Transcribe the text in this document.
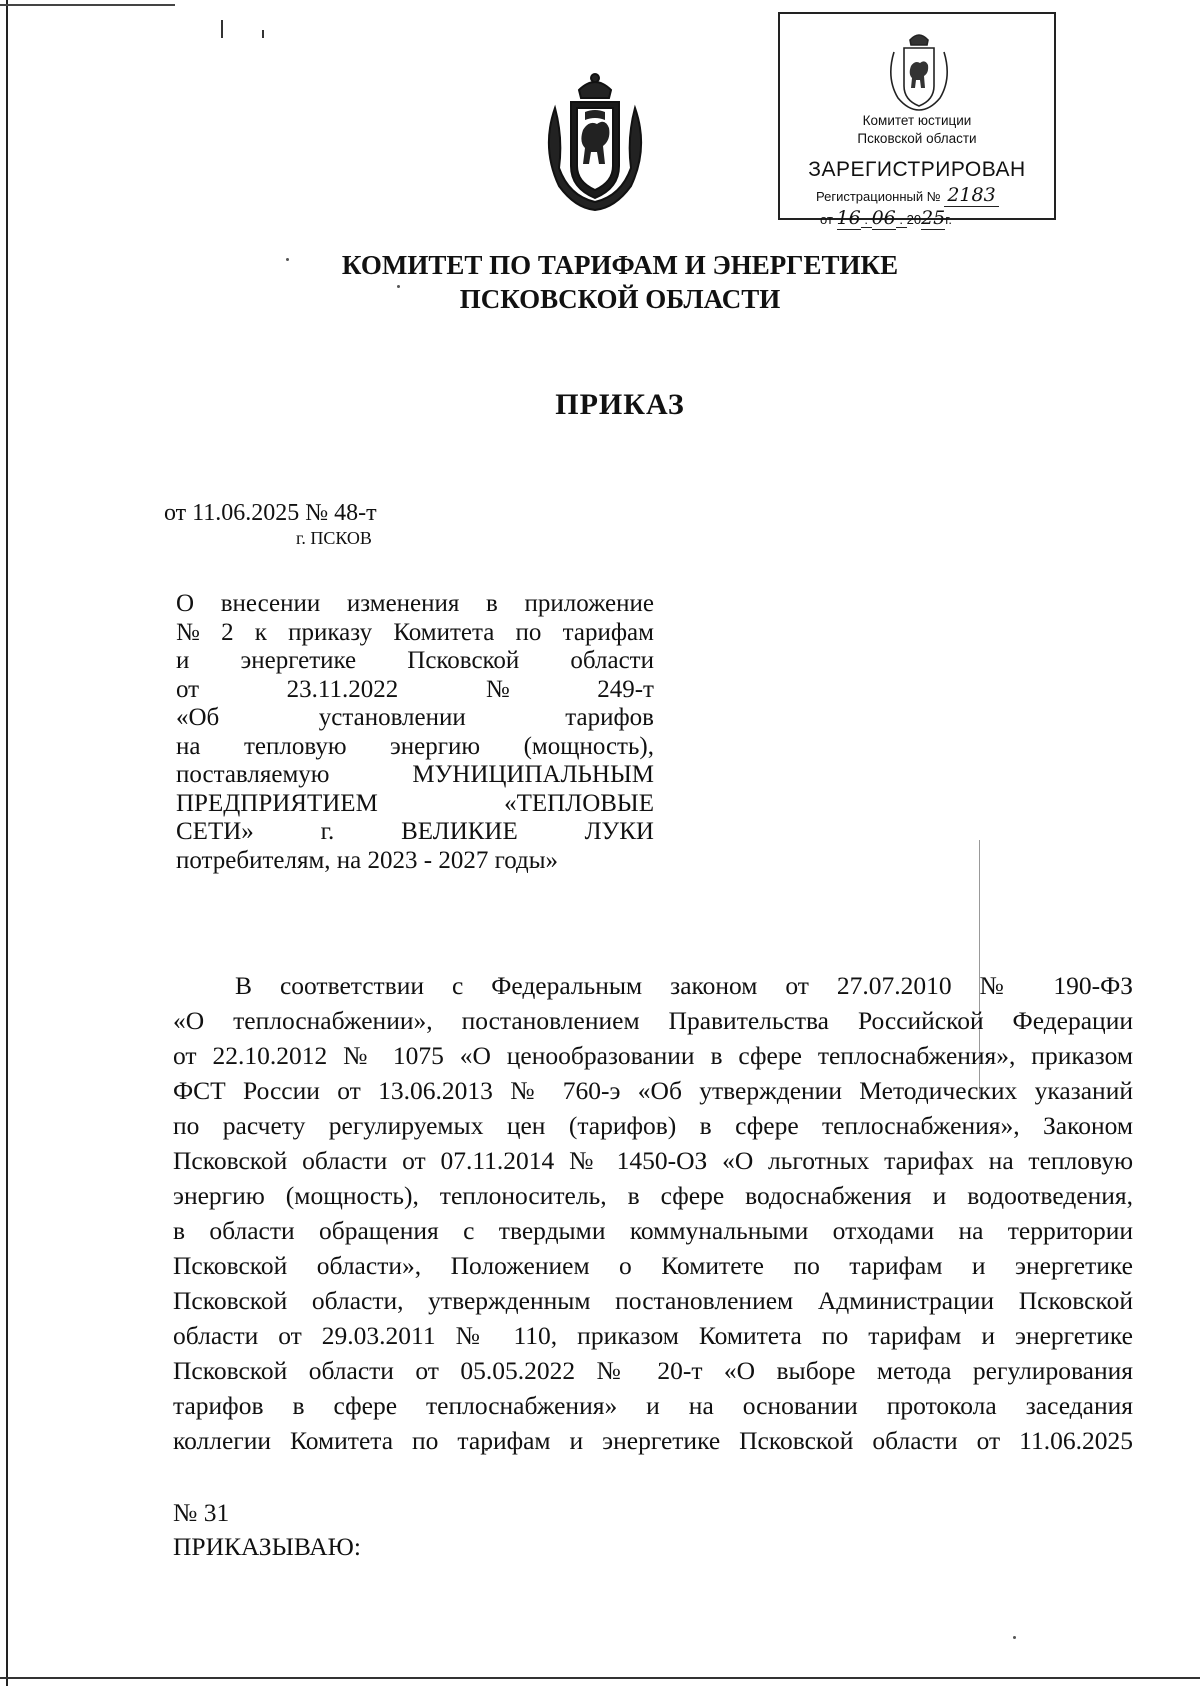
Комитет юстиции
Псковской области
ЗАРЕГИСТРИРОВАН
Регистрационный № 2183
от 16 . 06 . 2025г.
КОМИТЕТ ПО ТАРИФАМ И ЭНЕРГЕТИКЕ
ПСКОВСКОЙ ОБЛАСТИ
ПРИКАЗ
от 11.06.2025 № 48-т
г. ПСКОВ
О внесении изменения в приложение
№ 2 к приказу Комитета по тарифам
и энергетике Псковской области
от	23.11.2022	№	249-т
«Об	установлении	тарифов
на тепловую энергию (мощность),
поставляемую	МУНИЦИПАЛЬНЫМ
ПРЕДПРИЯТИЕМ	«ТЕПЛОВЫЕ
СЕТИ»	г.	ВЕЛИКИЕ	ЛУКИ
потребителям, на 2023 - 2027 годы»
В соответствии с Федеральным законом от 27.07.2010 № 190-ФЗ
«О теплоснабжении», постановлением Правительства Российской Федерации
от 22.10.2012 № 1075 «О ценообразовании в сфере теплоснабжения», приказом
ФСТ России от 13.06.2013 № 760-э «Об утверждении Методических указаний
по расчету регулируемых цен (тарифов) в сфере теплоснабжения», Законом
Псковской области от 07.11.2014 № 1450-ОЗ «О льготных тарифах на тепловую
энергию (мощность), теплоноситель, в сфере водоснабжения и водоотведения,
в области обращения с твердыми коммунальными отходами на территории
Псковской области», Положением о Комитете по тарифам и энергетике
Псковской области, утвержденным постановлением Администрации Псковской
области от 29.03.2011 № 110, приказом Комитета по тарифам и энергетике
Псковской области от 05.05.2022 № 20-т «О выборе метода регулирования
тарифов в сфере теплоснабжения» и на основании протокола заседания
коллегии Комитета по тарифам и энергетике Псковской области от 11.06.2025
№ 31
ПРИКАЗЫВАЮ:
